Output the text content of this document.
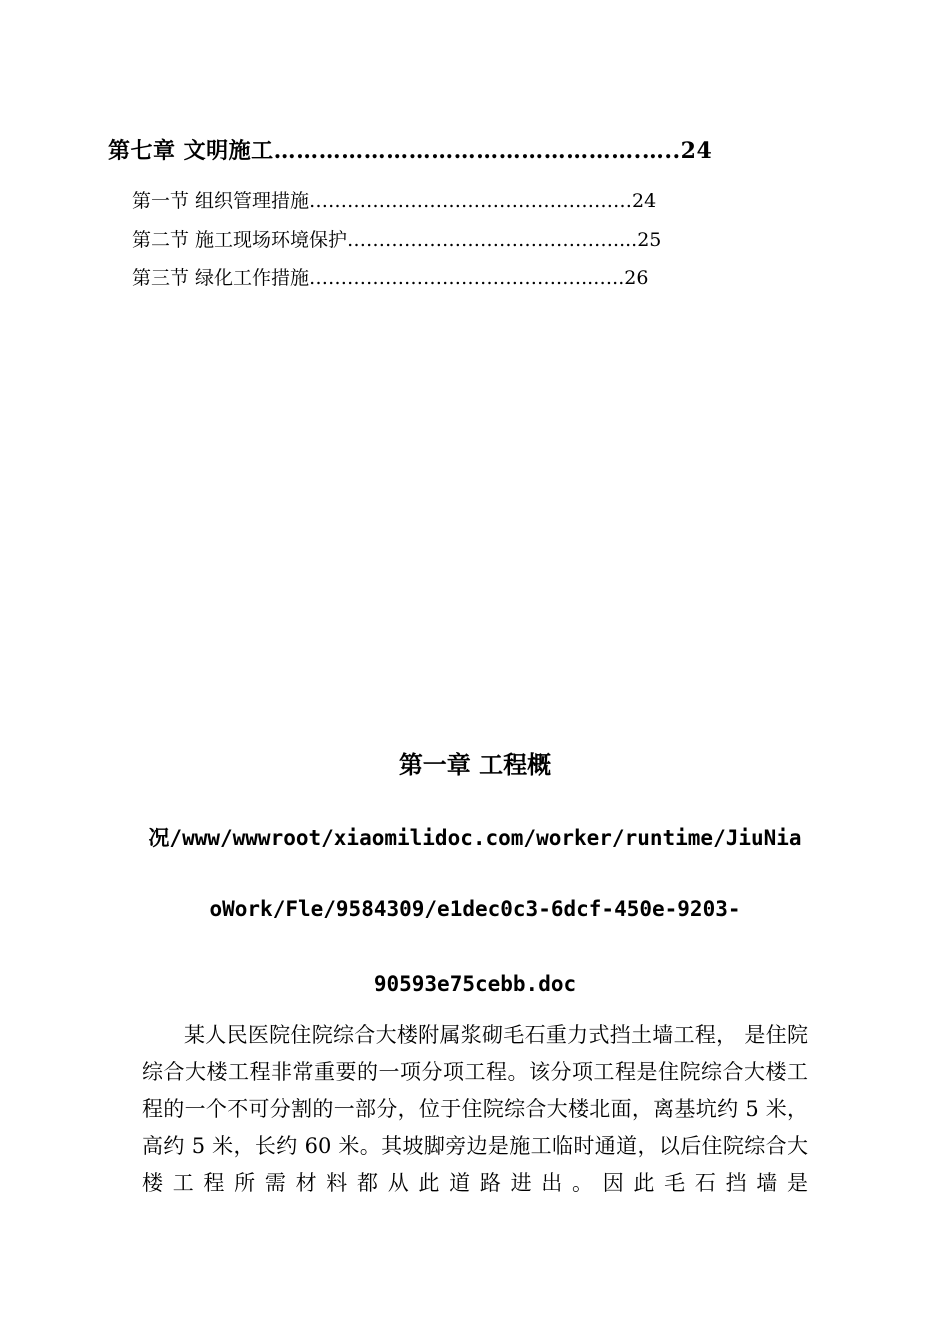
第七章 文明施工………………………………………….…..24
第一节 组织管理措施……………………………………………24
第二节 施工现场环境保护……………………………………....25
第三节 绿化工作措施………………………………….…..…..26
第一章 工程概
况/www/wwwroot/xiaomilidoc.com/worker/runtime/JiuNia
oWork/Fle/9584309/e1dec0c3-6dcf-450e-9203-
90593e75cebb.doc

某人民医院住院综合大楼附属浆砌毛石重力式挡土墙工程， 是住院综合大楼工程非常重要的一项分项工程。该分项工程是住院综合大楼工程的一个不可分割的一部分，位于住院综合大楼北面，离基坑约 5 米，高约 5 米，长约 60 米。其坡脚旁边是施工临时通道，以后住院综合大楼工程所需材料都从此道路进出。因此毛石挡墙是
